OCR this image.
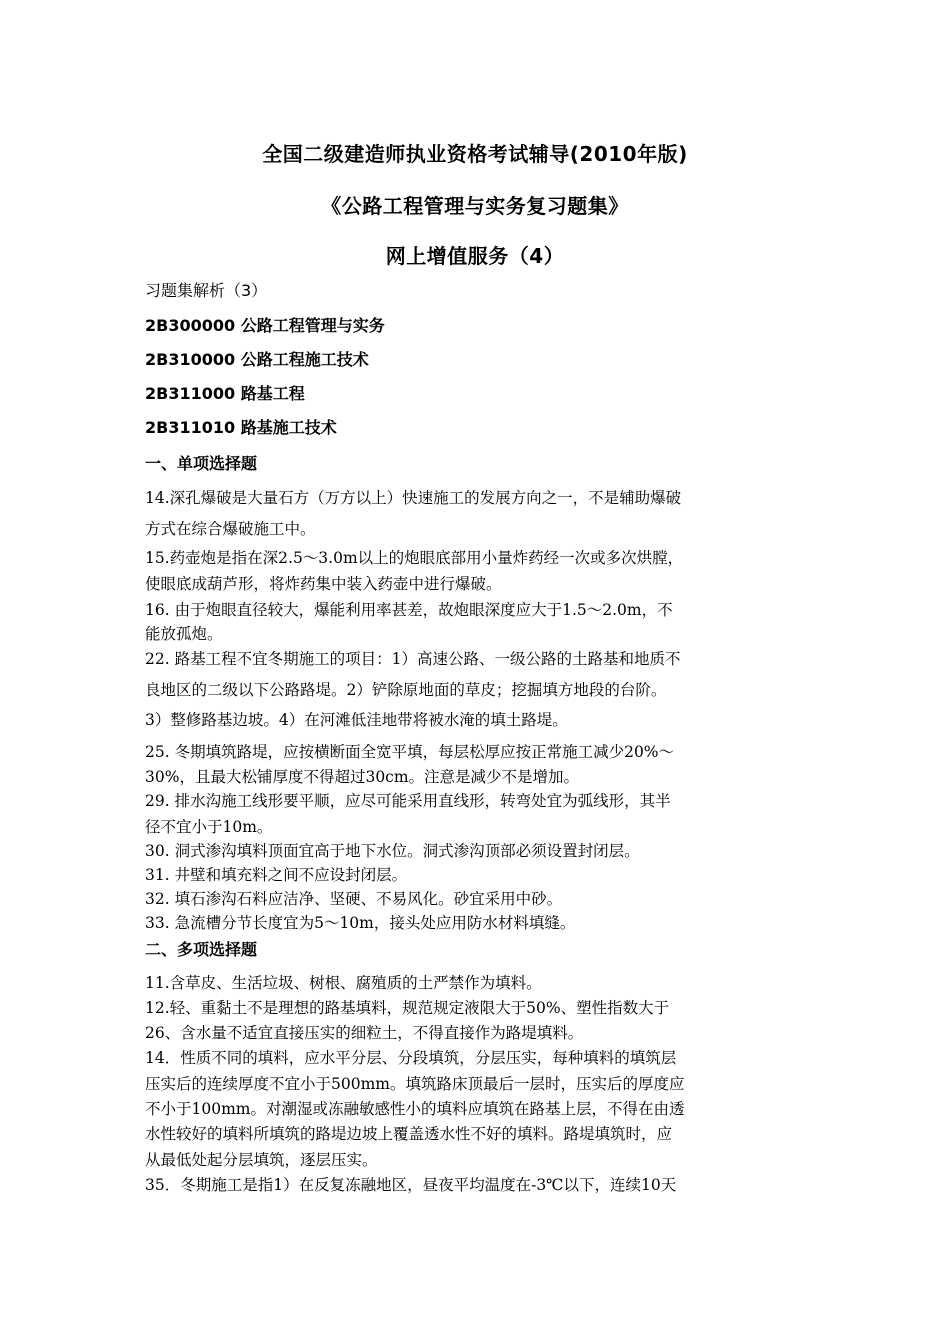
全国二级建造师执业资格考试辅导(2010年版)
《公路工程管理与实务复习题集》
网上增值服务（4）
习题集解析（3）
2B300000 公路工程管理与实务
2B310000 公路工程施工技术
2B311000 路基工程
2B311010 路基施工技术
一、单项选择题
14.深孔爆破是大量石方（万方以上）快速施工的发展方向之一，不是辅助爆破
方式在综合爆破施工中。
15.药壶炮是指在深2.5～3.0m以上的炮眼底部用小量炸药经一次或多次烘膛，
使眼底成葫芦形，将炸药集中装入药壶中进行爆破。
16. 由于炮眼直径较大，爆能利用率甚差，故炮眼深度应大于1.5～2.0m，不
能放孤炮。
22. 路基工程不宜冬期施工的项目：1）高速公路、一级公路的土路基和地质不
良地区的二级以下公路路堤。2）铲除原地面的草皮；挖掘填方地段的台阶。
3）整修路基边坡。4）在河滩低洼地带将被水淹的填土路堤。
25. 冬期填筑路堤，应按横断面全宽平填，每层松厚应按正常施工减少20%～
30%，且最大松铺厚度不得超过30cm。注意是减少不是增加。
29. 排水沟施工线形要平顺，应尽可能采用直线形，转弯处宜为弧线形，其半
径不宜小于10m。
30. 洞式渗沟填料顶面宜高于地下水位。洞式渗沟顶部必须设置封闭层。
31. 井壁和填充料之间不应设封闭层。
32. 填石渗沟石料应洁净、坚硬、不易风化。砂宜采用中砂。
33. 急流槽分节长度宜为5～10m，接头处应用防水材料填缝。
二、多项选择题
11.含草皮、生活垃圾、树根、腐殖质的土严禁作为填料。
12.轻、重黏土不是理想的路基填料，规范规定液限大于50%、塑性指数大于
26、含水量不适宜直接压实的细粒土，不得直接作为路堤填料。
14．性质不同的填料，应水平分层、分段填筑，分层压实，每种填料的填筑层
压实后的连续厚度不宜小于500mm。填筑路床顶最后一层时，压实后的厚度应
不小于100mm。对潮湿或冻融敏感性小的填料应填筑在路基上层，不得在由透
水性较好的填料所填筑的路堤边坡上覆盖透水性不好的填料。路堤填筑时，应
从最低处起分层填筑，逐层压实。
35．冬期施工是指1）在反复冻融地区，昼夜平均温度在-3℃以下，连续10天
